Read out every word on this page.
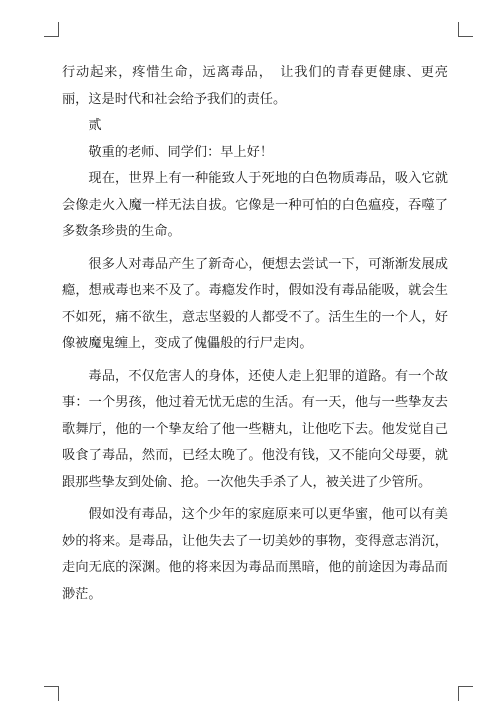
行动起来，疼惜生命，远离毒品，　让我们的青春更健康、更亮丽，这是时代和社会给予我们的责任。

贰

敬重的老师、同学们：早上好！

现在，世界上有一种能致人于死地的白色物质毒品，吸入它就会像走火入魔一样无法自拔。它像是一种可怕的白色瘟疫，吞噬了多数条珍贵的生命。

很多人对毒品产生了新奇心，便想去尝试一下，可渐渐发展成瘾，想戒毒也来不及了。毒瘾发作时，假如没有毒品能吸，就会生不如死，痛不欲生，意志坚毅的人都受不了。活生生的一个人，好像被魔鬼缠上，变成了傀儡般的行尸走肉。

毒品，不仅危害人的身体，还使人走上犯罪的道路。有一个故事：一个男孩，他过着无忧无虑的生活。有一天，他与一些挚友去歌舞厅，他的一个挚友给了他一些糖丸，让他吃下去。他发觉自己吸食了毒品，然而，已经太晚了。他没有钱，又不能向父母要，就跟那些挚友到处偷、抢。一次他失手杀了人，被关进了少管所。

假如没有毒品，这个少年的家庭原来可以更华蜜，他可以有美妙的将来。是毒品，让他失去了一切美妙的事物，变得意志消沉，走向无底的深渊。他的将来因为毒品而黑暗，他的前途因为毒品而渺茫。
